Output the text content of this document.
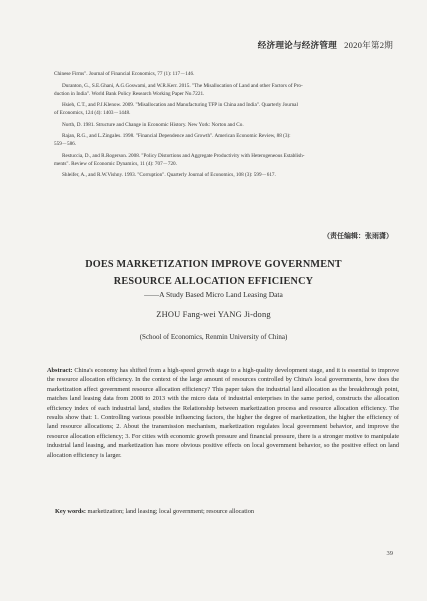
经济理论与经济管理 2020年第2期
Chinese Firms". Journal of Financial Economics, 77 (1): 117－146.
Duranton, G., S.E.Ghani, A.G.Goswami, and W.R.Kerr. 2015. "The Misallocation of Land and other Factors of Pro-
duction in India". World Bank Policy Research Working Paper No.7221.
Hsieh, C.T., and P.J.Klenow. 2009. "Misallocation and Manufacturing TFP in China and India". Quarterly Journal
of Economics, 124 (4): 1403－1448.
North, D. 1981. Structure and Change in Economic History. New York: Norton and Co.
Rajan, R.G., and L.Zingales. 1998. "Financial Dependence and Growth". American Economic Review, 88 (3):
559－586.
Restuccia, D., and R.Rogerson. 2008. "Policy Distortions and Aggregate Productivity with Heterogeneous Establish-
ments". Review of Economic Dynamics, 11 (4): 707－720.
Shleifer, A., and R.W.Vishny. 1993. "Corruption". Quarterly Journal of Economics, 108 (3): 599－617.
（责任编辑：张雨潇）
DOES MARKETIZATION IMPROVE GOVERNMENT
RESOURCE ALLOCATION EFFICIENCY
——A Study Based Micro Land Leasing Data
ZHOU Fang-wei YANG Ji-dong
(School of Economics, Renmin University of China)
Abstract: China's economy has shifted from a high-speed growth stage to a high-quality development stage, and it is essential to improve the resource allocation efficiency. In the context of the large amount of resources controlled by China's local governments, how does the marketization affect government resource allocation efficiency? This paper takes the industrial land allocation as the breakthrough point, matches land leasing data from 2008 to 2013 with the micro data of industrial enterprises in the same period, constructs the allocation efficiency index of each industrial land, studies the Relationship between marketization process and resource allocation efficiency. The results show that: 1. Controlling various possible influencing factors, the higher the degree of marketization, the higher the efficiency of land resource allocations; 2. About the transmission mechanism, marketization regulates local government behavior, and improve the resource allocation efficiency; 3. For cities with economic growth pressure and financial pressure, there is a stronger motive to manipulate industrial land leasing, and marketization has more obvious positive effects on local government behavior, so the positive effect on land allocation efficiency is larger.
Key words: marketization; land leasing; local government; resource allocation
39
